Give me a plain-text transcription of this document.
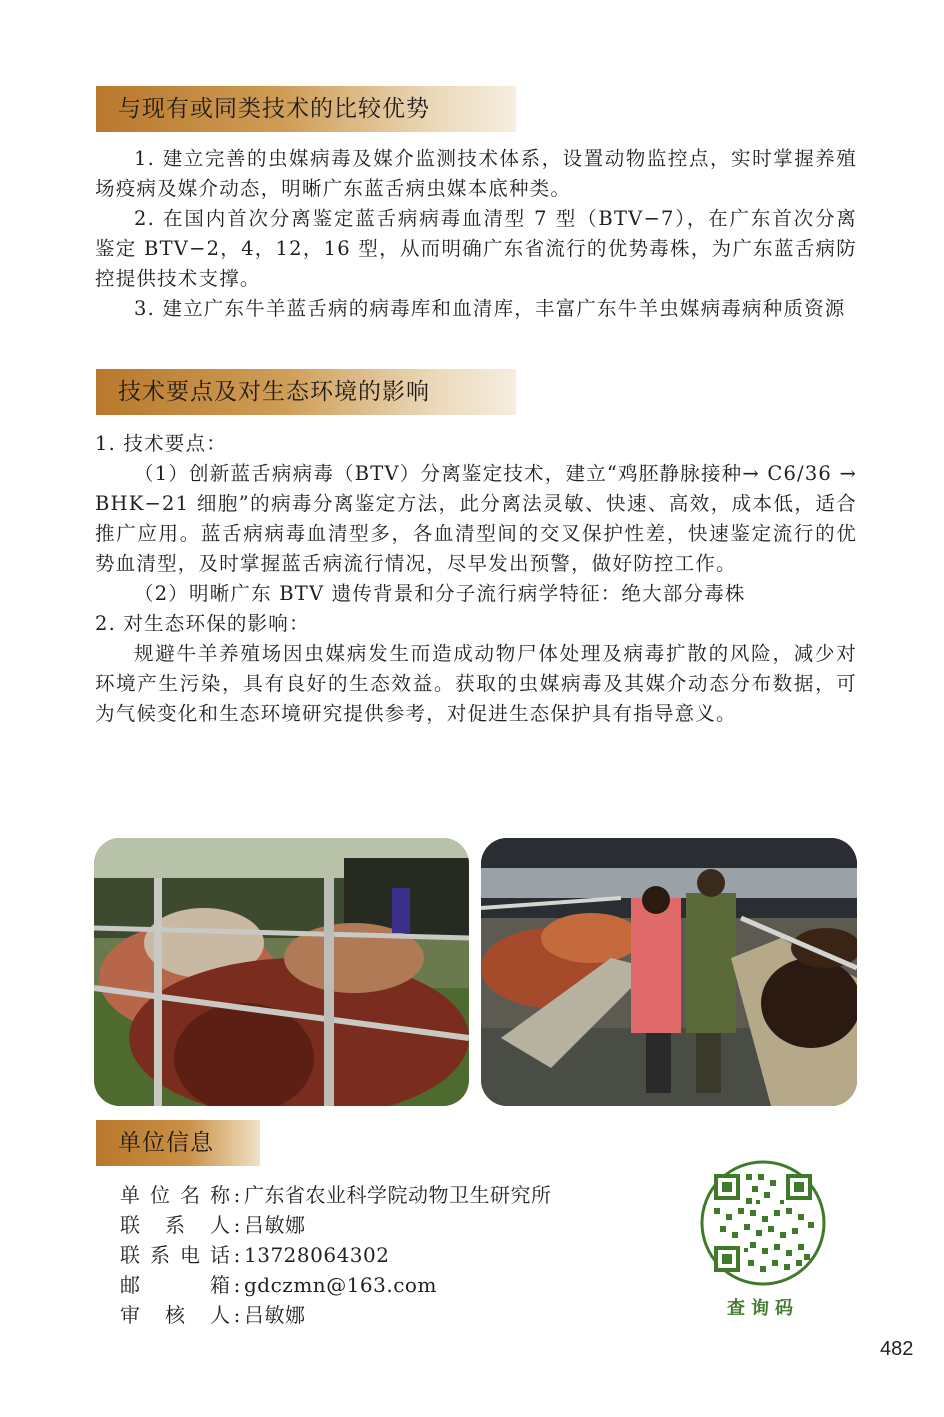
与现有或同类技术的比较优势

1. 建立完善的虫媒病毒及媒介监测技术体系，设置动物监控点，实时掌握养殖场疫病及媒介动态，明晰广东蓝舌病虫媒本底种类。

2. 在国内首次分离鉴定蓝舌病病毒血清型 7 型（BTV−7），在广东首次分离鉴定 BTV−2，4，12，16 型，从而明确广东省流行的优势毒株，为广东蓝舌病防控提供技术支撑。

3. 建立广东牛羊蓝舌病的病毒库和血清库，丰富广东牛羊虫媒病毒病种质资源

技术要点及对生态环境的影响

1. 技术要点：

（1）创新蓝舌病病毒（BTV）分离鉴定技术，建立“鸡胚静脉接种→ C6/36 → BHK−21 细胞”的病毒分离鉴定方法，此分离法灵敏、快速、高效，成本低，适合推广应用。蓝舌病病毒血清型多，各血清型间的交叉保护性差，快速鉴定流行的优势血清型，及时掌握蓝舌病流行情况，尽早发出预警，做好防控工作。

（2）明晰广东 BTV 遗传背景和分子流行病学特征：绝大部分毒株

2. 对生态环保的影响：

规避牛羊养殖场因虫媒病发生而造成动物尸体处理及病毒扩散的风险，减少对环境产生污染，具有良好的生态效益。获取的虫媒病毒及其媒介动态分布数据，可为气候变化和生态环境研究提供参考，对促进生态保护具有指导意义。

单位信息
单 位 名 称 : 广东省农业科学院动物卫生研究所
联 系 人 : 吕敏娜
联 系 电 话 : 13728064302
邮	箱 : gdczmn@163.com
审 核 人 : 吕敏娜	查询码
482
